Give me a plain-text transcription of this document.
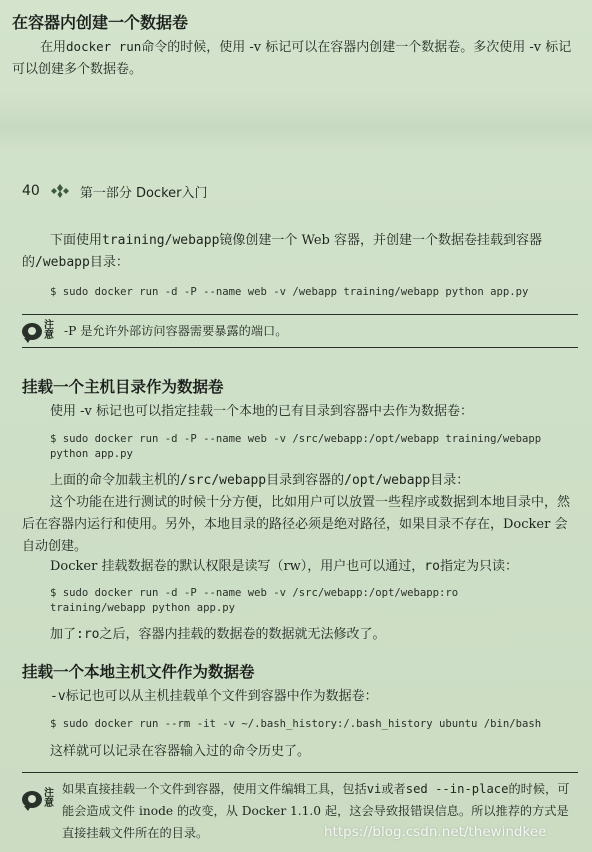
在容器内创建一个数据卷
在用docker run命令的时候，使用 -v 标记可以在容器内创建一个数据卷。多次使用 -v 标记可以创建多个数据卷。
40	第一部分 Docker入门
下面使用training/webapp镜像创建一个 Web 容器，并创建一个数据卷挂载到容器的/webapp目录：
$ sudo docker run -d -P --name web -v /webapp training/webapp python app.py
注意 -P 是允许外部访问容器需要暴露的端口。
挂载一个主机目录作为数据卷
使用 -v 标记也可以指定挂载一个本地的已有目录到容器中去作为数据卷：
$ sudo docker run -d -P --name web -v /src/webapp:/opt/webapp training/webapp
python app.py
上面的命令加载主机的/src/webapp目录到容器的/opt/webapp目录：
这个功能在进行测试的时候十分方便，比如用户可以放置一些程序或数据到本地目录中，然后在容器内运行和使用。另外，本地目录的路径必须是绝对路径，如果目录不存在，Docker 会自动创建。
Docker 挂载数据卷的默认权限是读写（rw），用户也可以通过，ro指定为只读：
$ sudo docker run -d -P --name web -v /src/webapp:/opt/webapp:ro
training/webapp python app.py
加了:ro之后，容器内挂载的数据卷的数据就无法修改了。
挂载一个本地主机文件作为数据卷
-v标记也可以从主机挂载单个文件到容器中作为数据卷：
$ sudo docker run --rm -it -v ~/.bash_history:/.bash_history ubuntu /bin/bash
这样就可以记录在容器输入过的命令历史了。
注意
如果直接挂载一个文件到容器，使用文件编辑工具，包括vi或者sed --in-place的时候，可能会造成文件 inode 的改变，从 Docker 1.1.0 起，这会导致报错误信息。所以推荐的方式是直接挂载文件所在的目录。	https://blog.csdn.net/thewindkee
